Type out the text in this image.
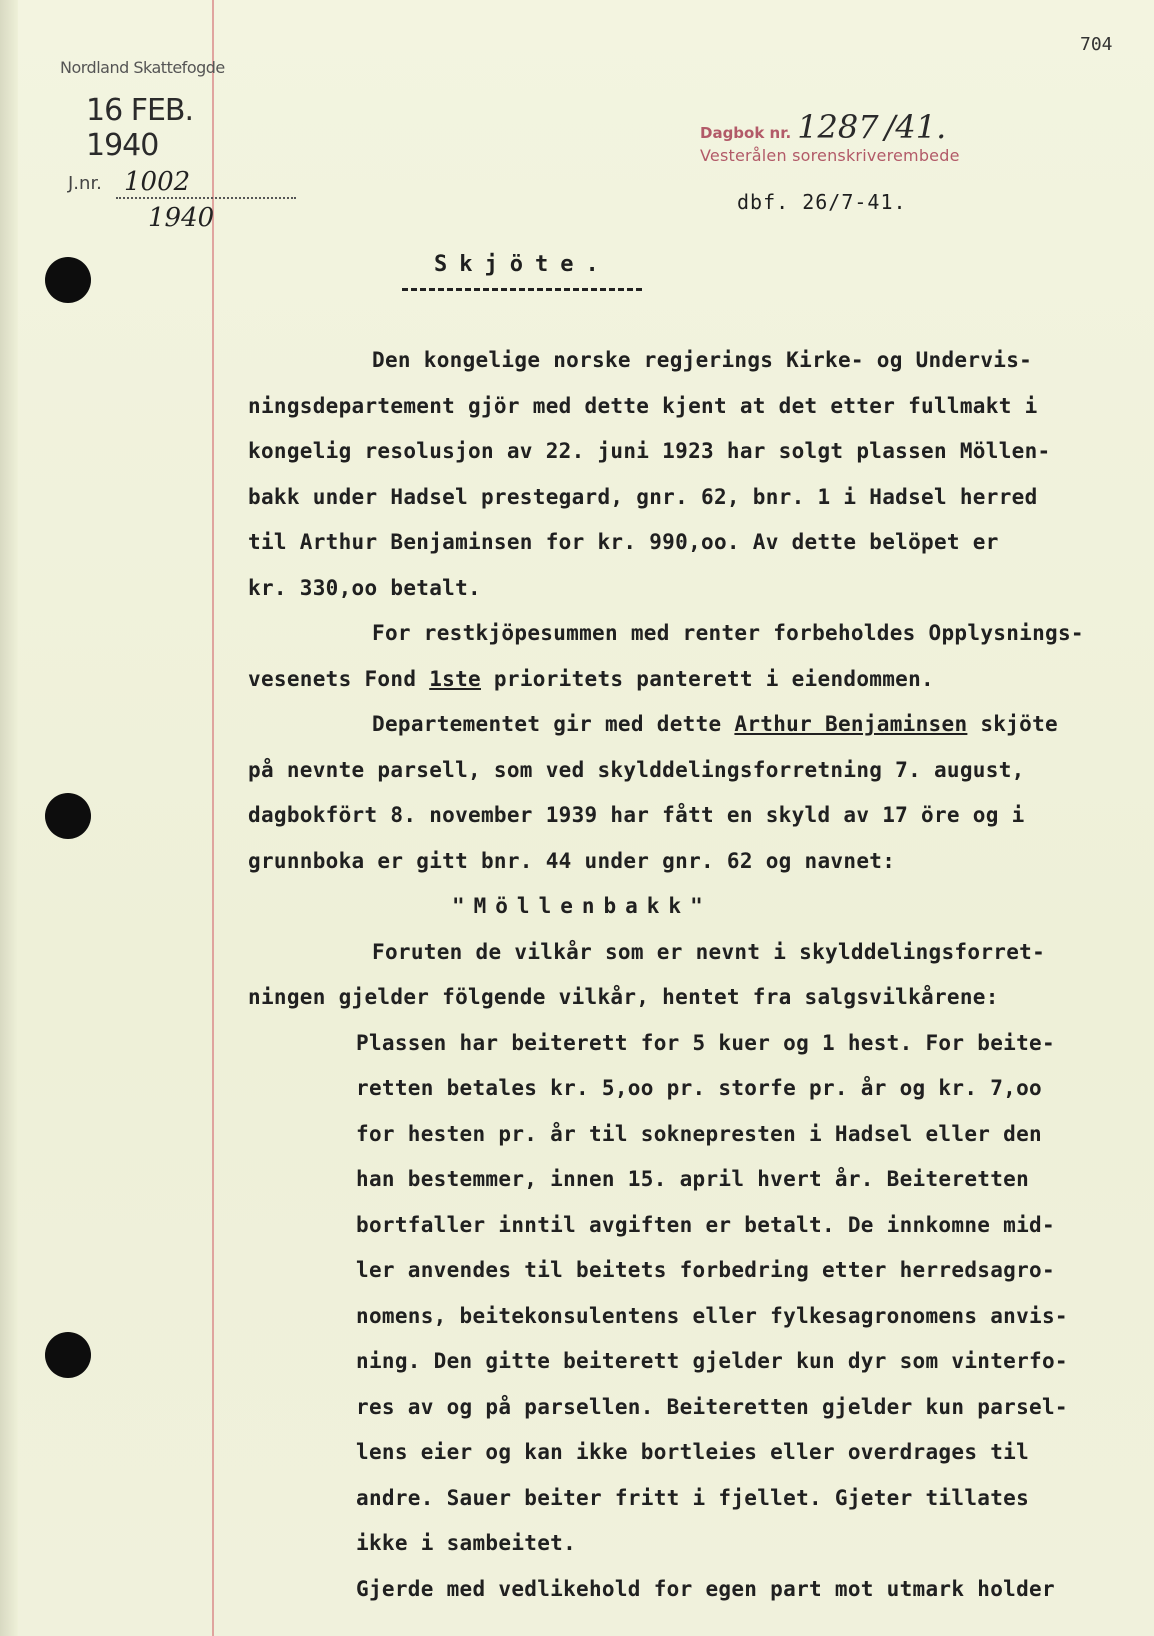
704
Nordland Skattefogde
16 FEB. 1940
J.nr. 1002
1940
Dagbok nr. 1287 /41.
Vesterålen sorenskriverembede
dbf. 26/7-41.
Skjöte.

Den kongelige norske regjerings Kirke- og Undervis-

ningsdepartement gjör med dette kjent at det etter fullmakt i

kongelig resolusjon av 22. juni 1923 har solgt plassen Möllen-

bakk under Hadsel prestegard, gnr. 62, bnr. 1 i Hadsel herred

til Arthur Benjaminsen for kr. 990,oo. Av dette belöpet er

kr. 330,oo betalt.

For restkjöpesummen med renter forbeholdes Opplysnings-

vesenets Fond 1ste prioritets panterett i eiendommen.

Departementet gir med dette Arthur Benjaminsen skjöte

på nevnte parsell, som ved skylddelingsforretning 7. august,

dagbokfört 8. november 1939 har fått en skyld av 17 öre og i

grunnboka er gitt bnr. 44 under gnr. 62 og navnet:

"Möllenbakk"

Foruten de vilkår som er nevnt i skylddelingsforret-

ningen gjelder fölgende vilkår, hentet fra salgsvilkårene:

Plassen har beiterett for 5 kuer og 1 hest. For beite-

retten betales kr. 5,oo pr. storfe pr. år og kr. 7,oo

for hesten pr. år til soknepresten i Hadsel eller den

han bestemmer, innen 15. april hvert år. Beiteretten

bortfaller inntil avgiften er betalt. De innkomne mid-

ler anvendes til beitets forbedring etter herredsagro-

nomens, beitekonsulentens eller fylkesagronomens anvis-

ning. Den gitte beiterett gjelder kun dyr som vinterfo-

res av og på parsellen. Beiteretten gjelder kun parsel-

lens eier og kan ikke bortleies eller overdrages til

andre. Sauer beiter fritt i fjellet. Gjeter tillates

ikke i sambeitet.

Gjerde med vedlikehold for egen part mot utmark holder
